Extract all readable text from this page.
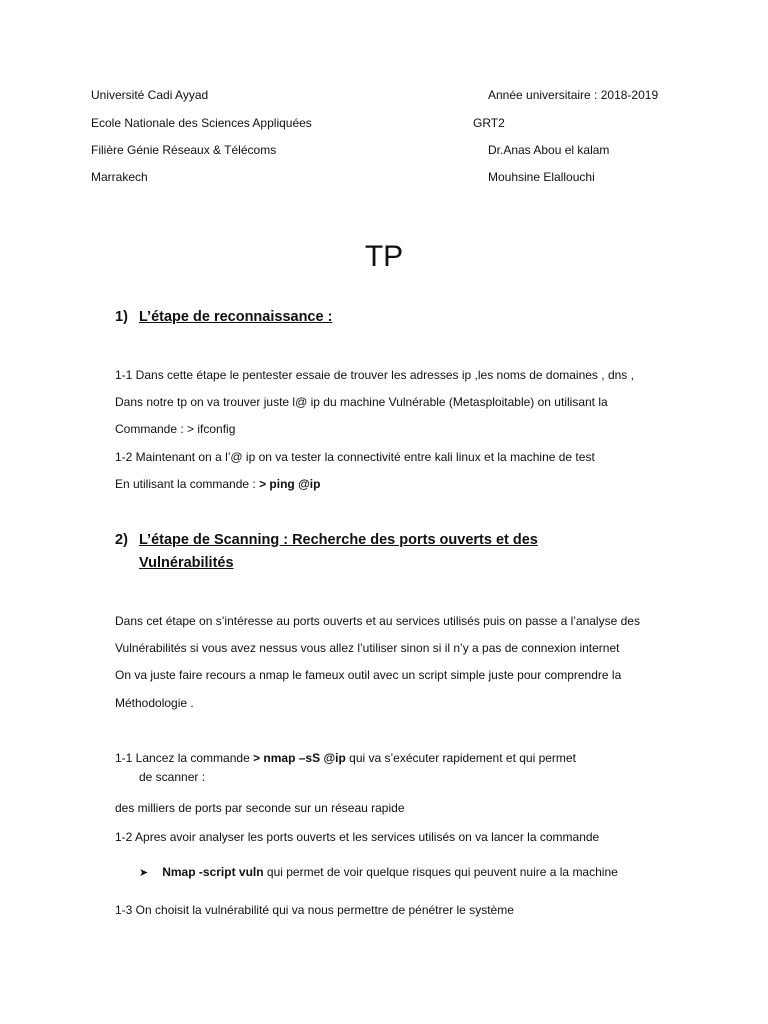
Université Cadi Ayyad
Ecole Nationale des Sciences Appliquées
Filière Génie Réseaux & Télécoms
Marrakech
Année universitaire : 2018-2019
GRT2
Dr.Anas Abou el kalam
Mouhsine Elallouchi
TP
1) L’étape de reconnaissance :
1-1 Dans cette étape le pentester essaie de trouver les adresses ip ,les noms de domaines , dns ,
Dans notre tp on va trouver juste l@ ip du machine Vulnérable (Metasploitable) on utilisant la
Commande : > ifconfig
1-2 Maintenant on a l’@ ip on va tester la connectivité entre kali linux et la machine de test
En utilisant la commande : > ping @ip
2) L’étape de Scanning : Recherche des ports ouverts et des
Vulnérabilités
Dans cet étape on s’intéresse au ports ouverts et au services utilisés puis on passe a l’analyse des
Vulnérabilités si vous avez nessus vous allez l’utiliser sinon si il n’y a pas de connexion internet
On va juste faire recours a nmap le fameux outil avec un script simple juste pour comprendre la
Méthodologie .
1-1 Lancez la commande > nmap –sS @ip qui va s’exécuter rapidement et qui permet
de scanner :
des milliers de ports par seconde sur un réseau rapide
1-2 Apres avoir analyser les ports ouverts et les services utilisés on va lancer la commande
➤ Nmap -script vuln qui permet de voir quelque risques qui peuvent nuire a la machine
1-3 On choisit la vulnérabilité qui va nous permettre de pénétrer le système
